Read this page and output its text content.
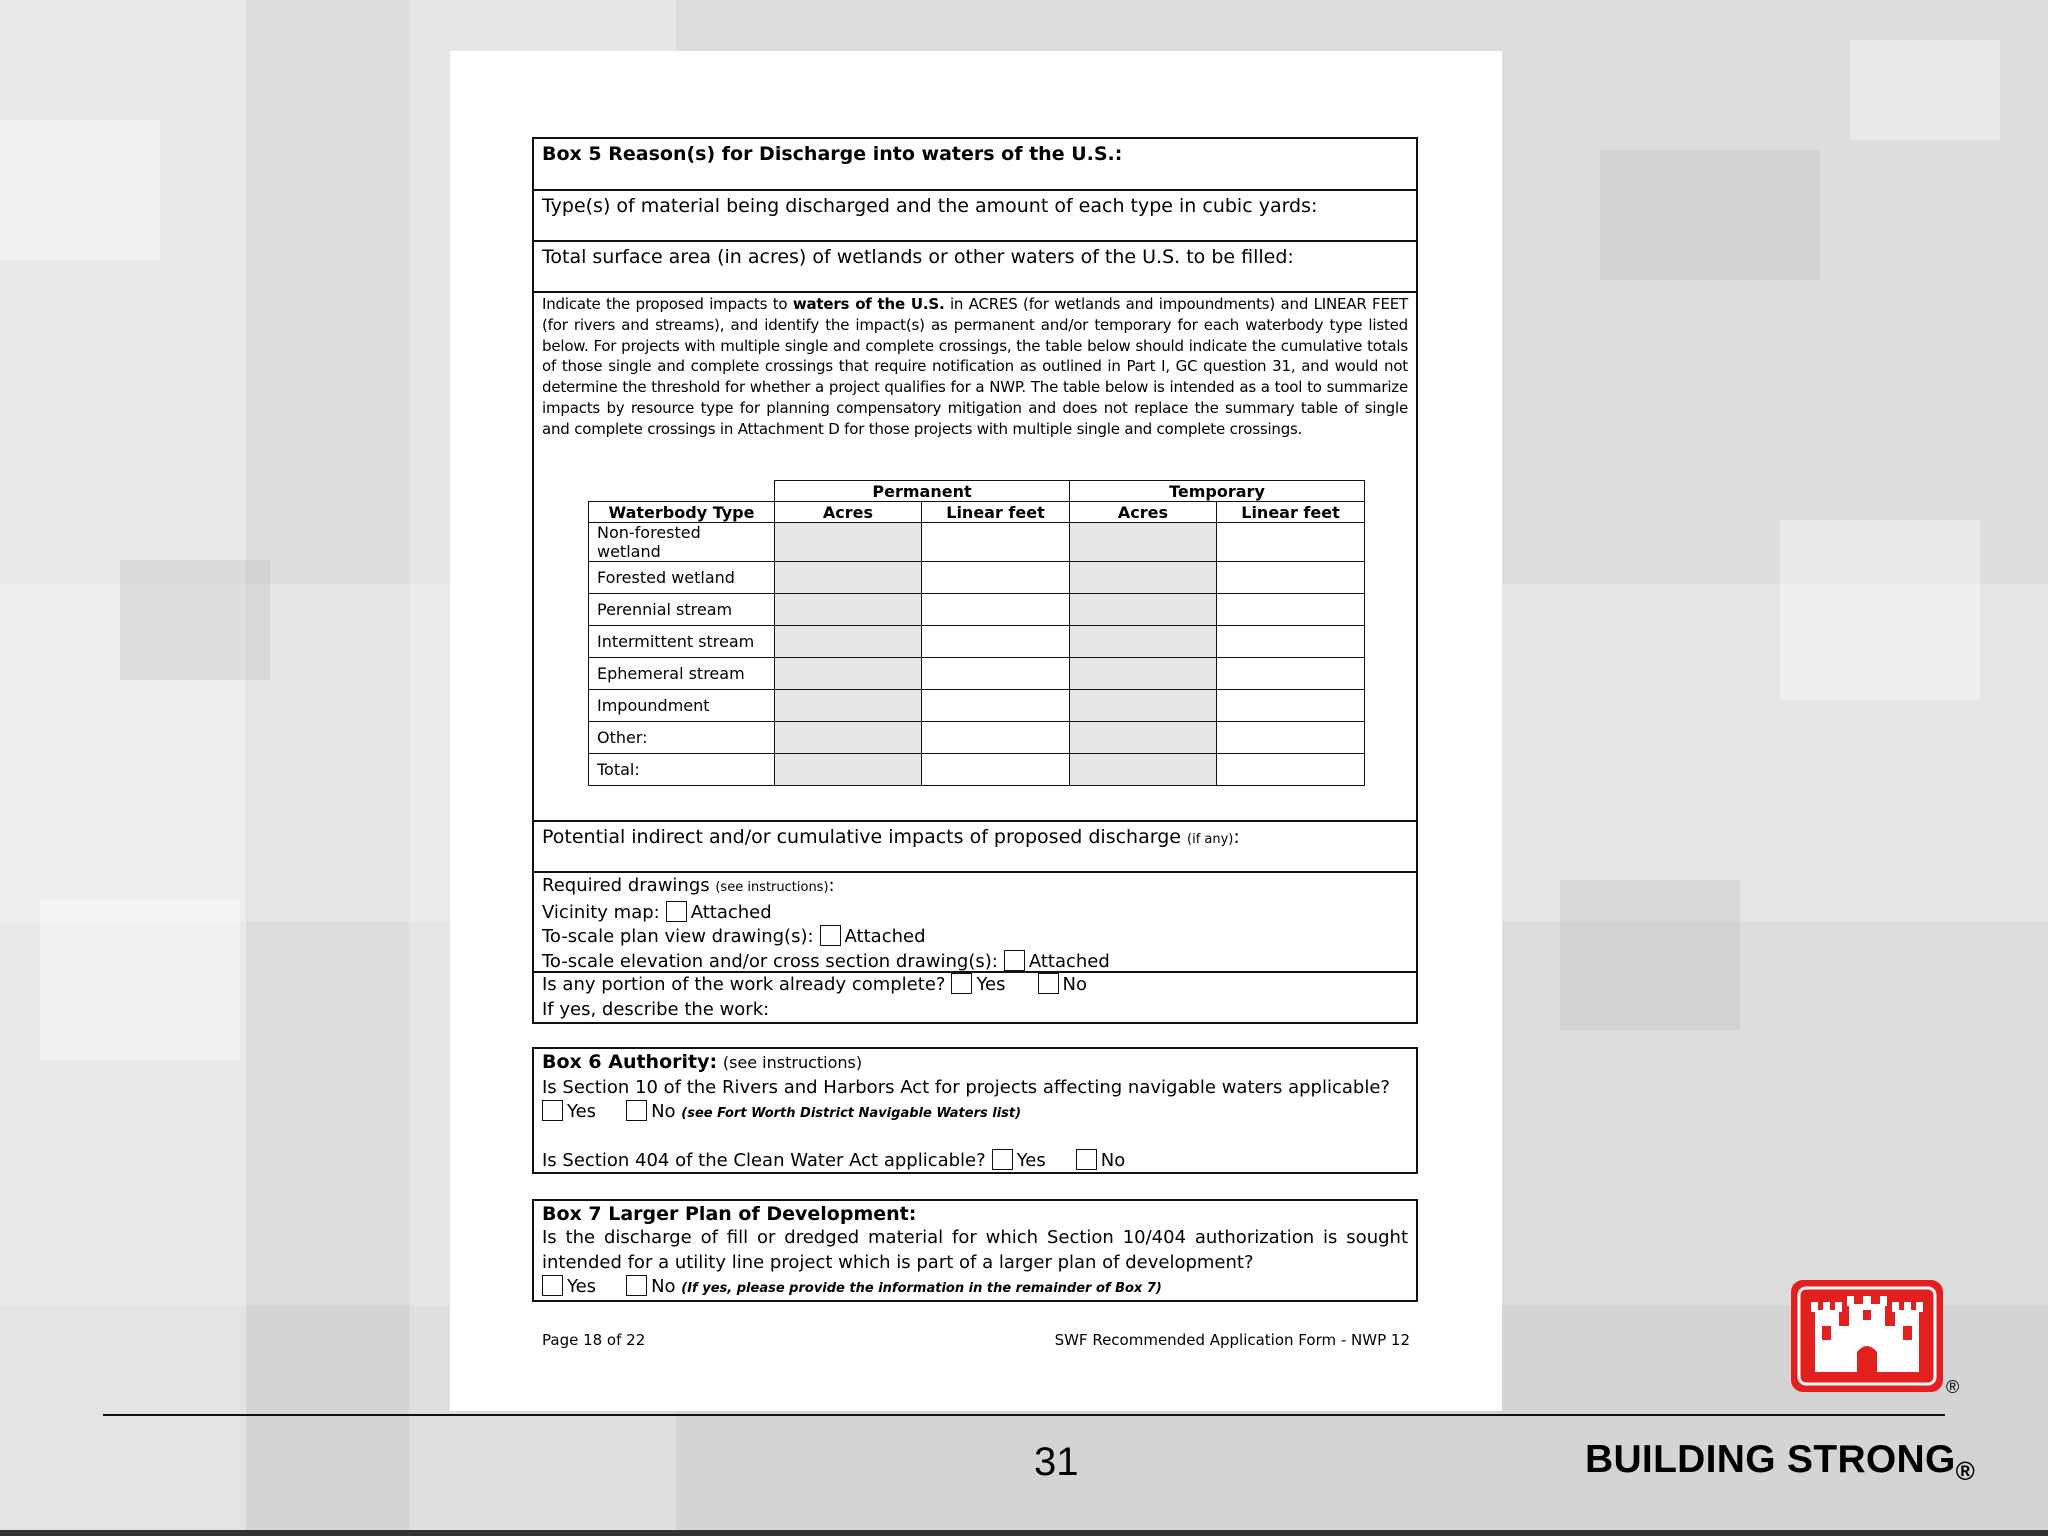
Box 5 Reason(s) for Discharge into waters of the U.S.:
Type(s) of material being discharged and the amount of each type in cubic yards:
Total surface area (in acres) of wetlands or other waters of the U.S. to be filled:
Indicate the proposed impacts to waters of the U.S. in ACRES (for wetlands and impoundments) and LINEAR FEET (for rivers and streams), and identify the impact(s) as permanent and/or temporary for each waterbody type listed below. For projects with multiple single and complete crossings, the table below should indicate the cumulative totals of those single and complete crossings that require notification as outlined in Part I, GC question 31, and would not determine the threshold for whether a project qualifies for a NWP. The table below is intended as a tool to summarize impacts by resource type for planning compensatory mitigation and does not replace the summary table of single and complete crossings in Attachment D for those projects with multiple single and complete crossings.
	Permanent		Temporary	
Waterbody Type	Acres	Linear feet	Acres	Linear feet
Non-forested wetland				
Forested wetland				
Perennial stream				
Intermittent stream				
Ephemeral stream				
Impoundment				
Other:				
Total:				
Potential indirect and/or cumulative impacts of proposed discharge (if any):
Required drawings (see instructions):
Vicinity map: Attached
To-scale plan view drawing(s): Attached
To-scale elevation and/or cross section drawing(s): Attached
Is any portion of the work already complete? Yes	No
If yes, describe the work:
Box 6 Authority: (see instructions)
Is Section 10 of the Rivers and Harbors Act for projects affecting navigable waters applicable?
Yes	No (see Fort Worth District Navigable Waters list)
Is Section 404 of the Clean Water Act applicable? Yes	No
Box 7 Larger Plan of Development:
Is the discharge of fill or dredged material for which Section 10/404 authorization is sought intended for a utility line project which is part of a larger plan of development?
Yes	No (If yes, please provide the information in the remainder of Box 7)
Page 18 of 22	SWF Recommended Application Form - NWP 12
®
31	BUILDING $STRONG_®$
